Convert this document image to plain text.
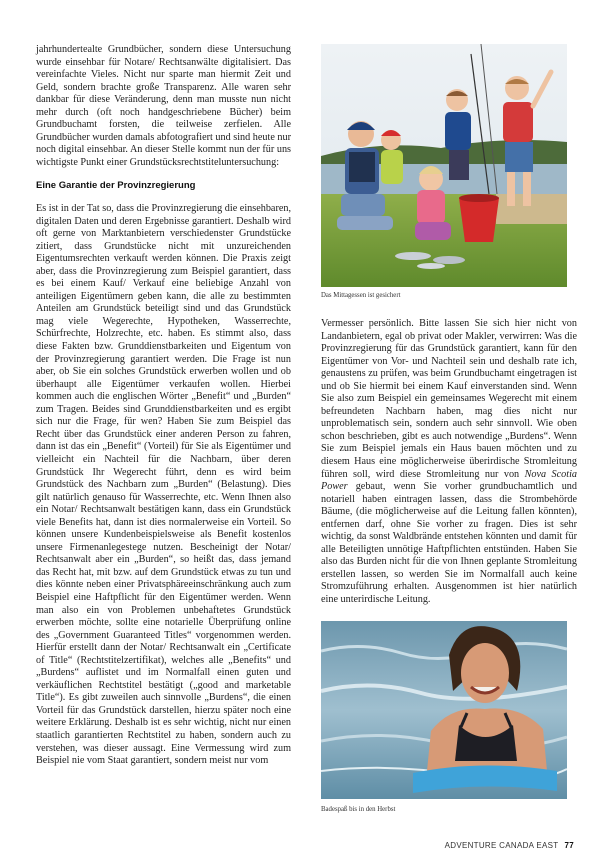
jahrhundertealte Grundbücher, sondern diese Untersuchung wurde einsehbar für Notare/ Rechtsanwälte digitalisiert. Das vereinfachte Vieles. Nicht nur sparte man hiermit Zeit und Geld, sondern brachte große Transparenz. Alle waren sehr dankbar für diese Veränderung, denn man musste nun nicht mehr durch (oft noch handgeschriebene Bücher) beim Grundbuchamt forsten, die teilweise zerfielen. Alle Grundbücher wurden damals abfotografiert und sind heute nur noch digital einsehbar. An dieser Stelle kommt nun der für uns wichtigste Punkt einer Grundstücksrechtstiteluntersuchung:

Eine Garantie der Provinzregierung

Es ist in der Tat so, dass die Provinzregierung die einsehbaren, digitalen Daten und deren Ergebnisse garantiert. Deshalb wird oft gerne von Marktanbietern verschiedenster Grundstücke zitiert, dass Grundstücke nicht mit unzureichenden Eigentumsrechten verkauft werden können. Die Praxis zeigt aber, dass die Provinzregierung zum Beispiel garantiert, dass es bei einem Kauf/ Verkauf eine beliebige Anzahl von anteiligen Eigentümern geben kann, die alle zu bestimmten Anteilen am Grundstück beteiligt sind und das Grundstück mag viele Wegerechte, Hypotheken, Wasserrechte, Schürfrechte, Holzrechte, etc. haben. Es stimmt also, dass diese Fakten bzw. Grunddienstbarkeiten und Eigentum von der Provinzregierung garantiert werden. Die Frage ist nun aber, ob Sie ein solches Grundstück erwerben wollen und ob überhaupt alle Eigentümer verkaufen wollen. Hierbei kommen auch die englischen Wörter „Benefit“ und „Burden“ zum Tragen. Beides sind Grunddienstbarkeiten und es ergibt sich nur die Frage, für wen? Haben Sie zum Beispiel das Recht über das Grundstück einer anderen Person zu fahren, dann ist das ein „Benefit“ (Vorteil) für Sie als Eigentümer und vielleicht ein Nachteil für die Nachbarn, über deren Grundstück Ihr Wegerecht führt, denn es wird beim Grundstück des Nachbarn zum „Burden“ (Belastung). Dies gilt natürlich genauso für Wasserrechte, etc. Wenn Ihnen also ein Notar/ Rechtsanwalt bestätigen kann, dass ein Grundstück viele Benefits hat, dann ist dies normalerweise ein Vorteil. So können unsere Kundenbeispielsweise als Benefit kostenlos unsere Firmenanlegestege nutzen. Bescheinigt der Notar/ Rechtsanwalt aber ein „Burden“, so heißt das, dass jemand das Recht hat, mit bzw. auf dem Grundstück etwas zu tun und dies könnte neben einer Privatsphäreeinschränkung auch zum Beispiel eine Haftpflicht für den Eigentümer werden. Wenn man also ein von Problemen unbehaftetes Grundstück erwerben möchte, sollte eine notarielle Überprüfung online des „Government Guaranteed Titles“ vorgenommen werden. Hierfür erstellt dann der Notar/ Rechtsanwalt ein „Certificate of Title“ (Rechtstitelzertifikat), welches alle „Benefits“ und „Burdens“ auflistet und im Normalfall einen guten und verkäuflichen Rechtstitel bestätigt („good and marketable Title“). Es gibt zuweilen auch sinnvolle „Burdens“, die einen Vorteil für das Grundstück darstellen, hierzu später noch eine weitere Erklärung. Deshalb ist es sehr wichtig, nicht nur einen staatlich garantierten Rechtstitel zu haben, sondern auch zu verstehen, was dieser aussagt. Eine Vermessung wird zum Beispiel nie vom Staat garantiert, sondern meist nur vom

Das Mittagessen ist gesichert

Vermesser persönlich. Bitte lassen Sie sich hier nicht von Landanbietern, egal ob privat oder Makler, verwirren: Was die Provinzregierung für das Grundstück garantiert, kann für den Eigentümer von Vor- und Nachteil sein und deshalb rate ich, genaustens zu prüfen, was beim Grundbuchamt eingetragen ist und ob Sie hiermit bei einem Kauf einverstanden sind. Wenn Sie also zum Beispiel ein gemeinsames Wegerecht mit einem befreundeten Nachbarn haben, mag dies nicht nur unproblematisch sein, sondern auch sehr sinnvoll. Wie oben schon beschrieben, gibt es auch notwendige „Burdens“. Wenn Sie zum Beispiel jemals ein Haus bauen möchten und zu diesem Haus eine möglicherweise überirdische Stromleitung führen soll, wird diese Stromleitung nur von Nova Scotia Power gebaut, wenn Sie vorher grundbuchamtlich und notariell haben eintragen lassen, dass die Strombehörde Bäume, (die möglicherweise auf die Leitung fallen könnten), entfernen darf, ohne Sie vorher zu fragen. Dies ist sehr wichtig, da sonst Waldbrände entstehen könnten und damit für alle Beteiligten unnötige Haftpflichten entstünden. Haben Sie also das Burden nicht für die von Ihnen geplante Stromleitung erstellen lassen, so werden Sie im Normalfall auch keine Stromzuführung erhalten. Ausgenommen ist hier natürlich eine unterirdische Leitung.

Badespaß bis in den Herbst
ADVENTURE CANADA EAST 77
